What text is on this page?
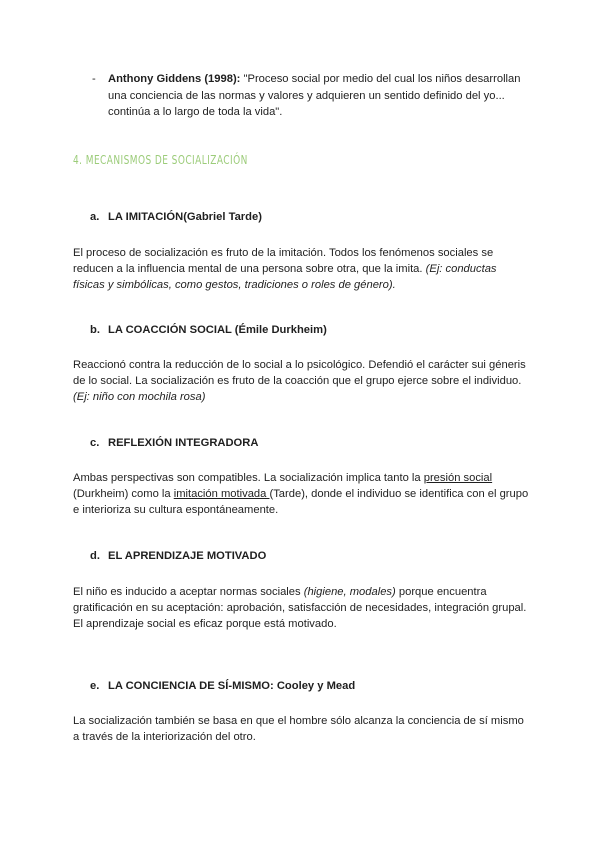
-	Anthony Giddens (1998): "Proceso social por medio del cual los niños desarrollan una conciencia de las normas y valores y adquieren un sentido definido del yo... continúa a lo largo de toda la vida".
4. MECANISMOS DE SOCIALIZACIÓN
a. LA IMITACIÓN(Gabriel Tarde)
El proceso de socialización es fruto de la imitación. Todos los fenómenos sociales se reducen a la influencia mental de una persona sobre otra, que la imita. (Ej: conductas físicas y simbólicas, como gestos, tradiciones o roles de género).
b. LA COACCIÓN SOCIAL (Émile Durkheim)
Reaccionó contra la reducción de lo social a lo psicológico. Defendió el carácter sui géneris de lo social. La socialización es fruto de la coacción que el grupo ejerce sobre el individuo. (Ej: niño con mochila rosa)
c. REFLEXIÓN INTEGRADORA
Ambas perspectivas son compatibles. La socialización implica tanto la presión social (Durkheim) como la imitación motivada (Tarde), donde el individuo se identifica con el grupo e interioriza su cultura espontáneamente.
d. EL APRENDIZAJE MOTIVADO
El niño es inducido a aceptar normas sociales (higiene, modales) porque encuentra gratificación en su aceptación: aprobación, satisfacción de necesidades, integración grupal. El aprendizaje social es eficaz porque está motivado.
e. LA CONCIENCIA DE SÍ-MISMO: Cooley y Mead
La socialización también se basa en que el hombre sólo alcanza la conciencia de sí mismo a través de la interiorización del otro.
